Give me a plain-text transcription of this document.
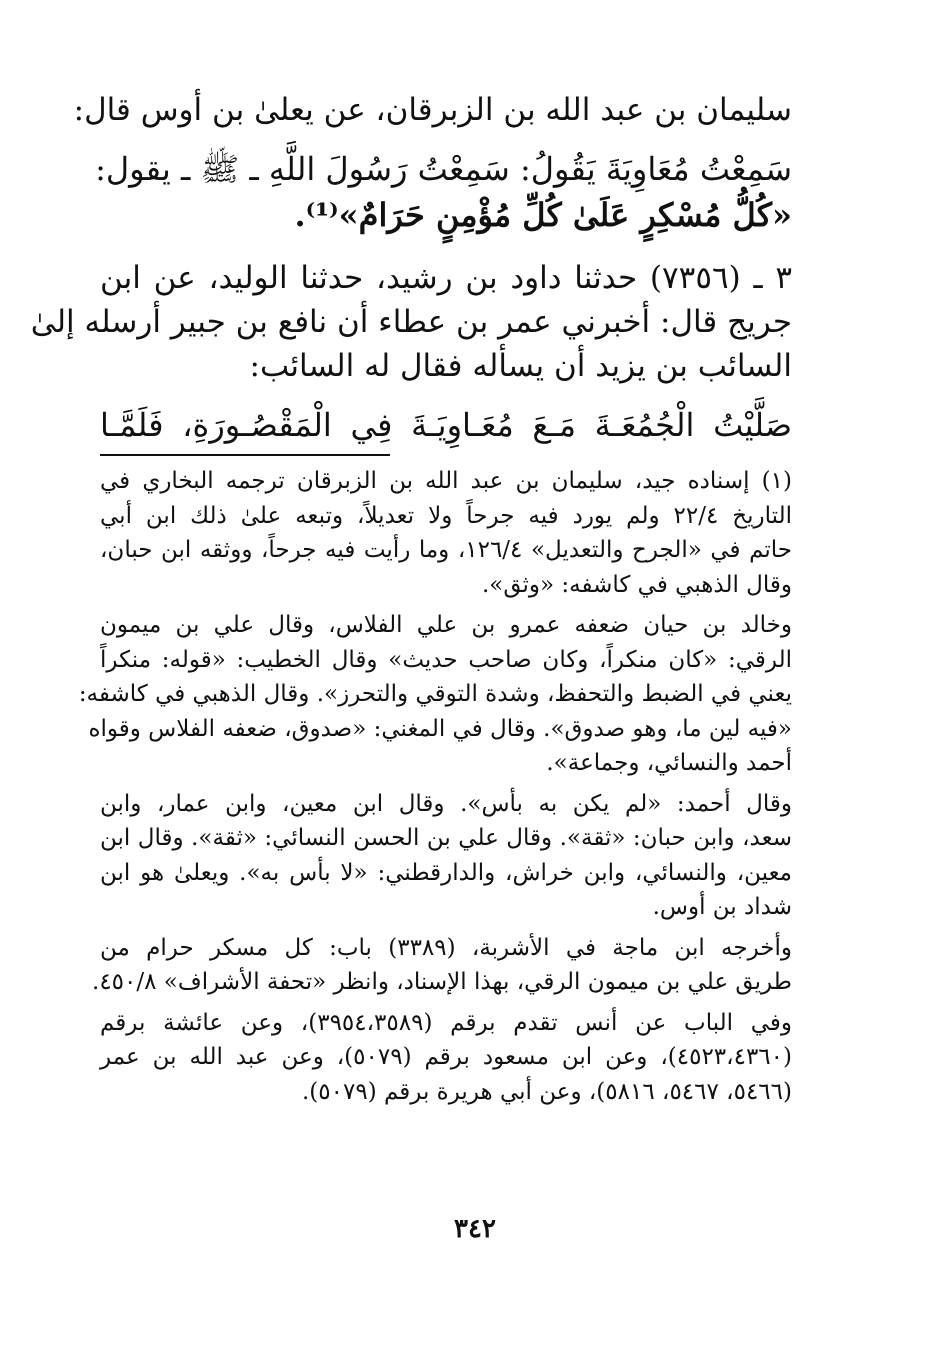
سليمان بن عبد الله بن الزبرقان، عن يعلىٰ بن أوس قال:
سَمِعْتُ مُعَاوِيَةَ يَقُولُ: سَمِعْتُ رَسُولَ اللَّهِ ـ ﷺ ـ يقول:
«كُلُّ مُسْكِرٍ عَلَىٰ كُلِّ مُؤْمِنٍ حَرَامٌ»⁽¹⁾.
٣ ـ (٧٣٥٦) حدثنا داود بن رشيد، حدثنا الوليد، عن ابن
جريج قال: أخبرني عمر بن عطاء أن نافع بن جبير أرسله إلىٰ
السائب بن يزيد أن يسأله فقال له السائب:
صَلَّيْتُ الْجُمُعَـةَ مَـعَ مُعَـاوِيَـةَ فِي الْمَقْصُـورَةِ، فَلَمَّـا
(١) إسناده جيد، سليمان بن عبد الله بن الزبرقان ترجمه البخاري في
التاريخ ٢٢/٤ ولم يورد فيه جرحاً ولا تعديلاً، وتبعه علىٰ ذلك ابن أبي
حاتم في «الجرح والتعديل» ١٢٦/٤، وما رأيت فيه جرحاً، ووثقه ابن حبان،
وقال الذهبي في كاشفه: «وثق».
وخالد بن حيان ضعفه عمرو بن علي الفلاس، وقال علي بن ميمون
الرقي: «كان منكراً، وكان صاحب حديث» وقال الخطيب: «قوله: منكراً
يعني في الضبط والتحفظ، وشدة التوقي والتحرز». وقال الذهبي في كاشفه:
«فيه لين ما، وهو صدوق». وقال في المغني: «صدوق، ضعفه الفلاس وقواه
أحمد والنسائي، وجماعة».
وقال أحمد: «لم يكن به بأس». وقال ابن معين، وابن عمار، وابن
سعد، وابن حبان: «ثقة». وقال علي بن الحسن النسائي: «ثقة». وقال ابن
معين، والنسائي، وابن خراش، والدارقطني: «لا بأس به». ويعلىٰ هو ابن
شداد بن أوس.
وأخرجه ابن ماجة في الأشربة، (٣٣٨٩) باب: كل مسكر حرام من
طريق علي بن ميمون الرقي، بهذا الإسناد، وانظر «تحفة الأشراف» ٤٥٠/٨.
وفي الباب عن أنس تقدم برقم (٣٩٥٤،٣٥٨٩)، وعن عائشة برقم
(٤٥٢٣،٤٣٦٠)، وعن ابن مسعود برقم (٥٠٧٩)، وعن عبد الله بن عمر
(٥٤٦٦، ٥٤٦٧، ٥٨١٦)، وعن أبي هريرة برقم (٥٠٧٩).
٣٤٢
